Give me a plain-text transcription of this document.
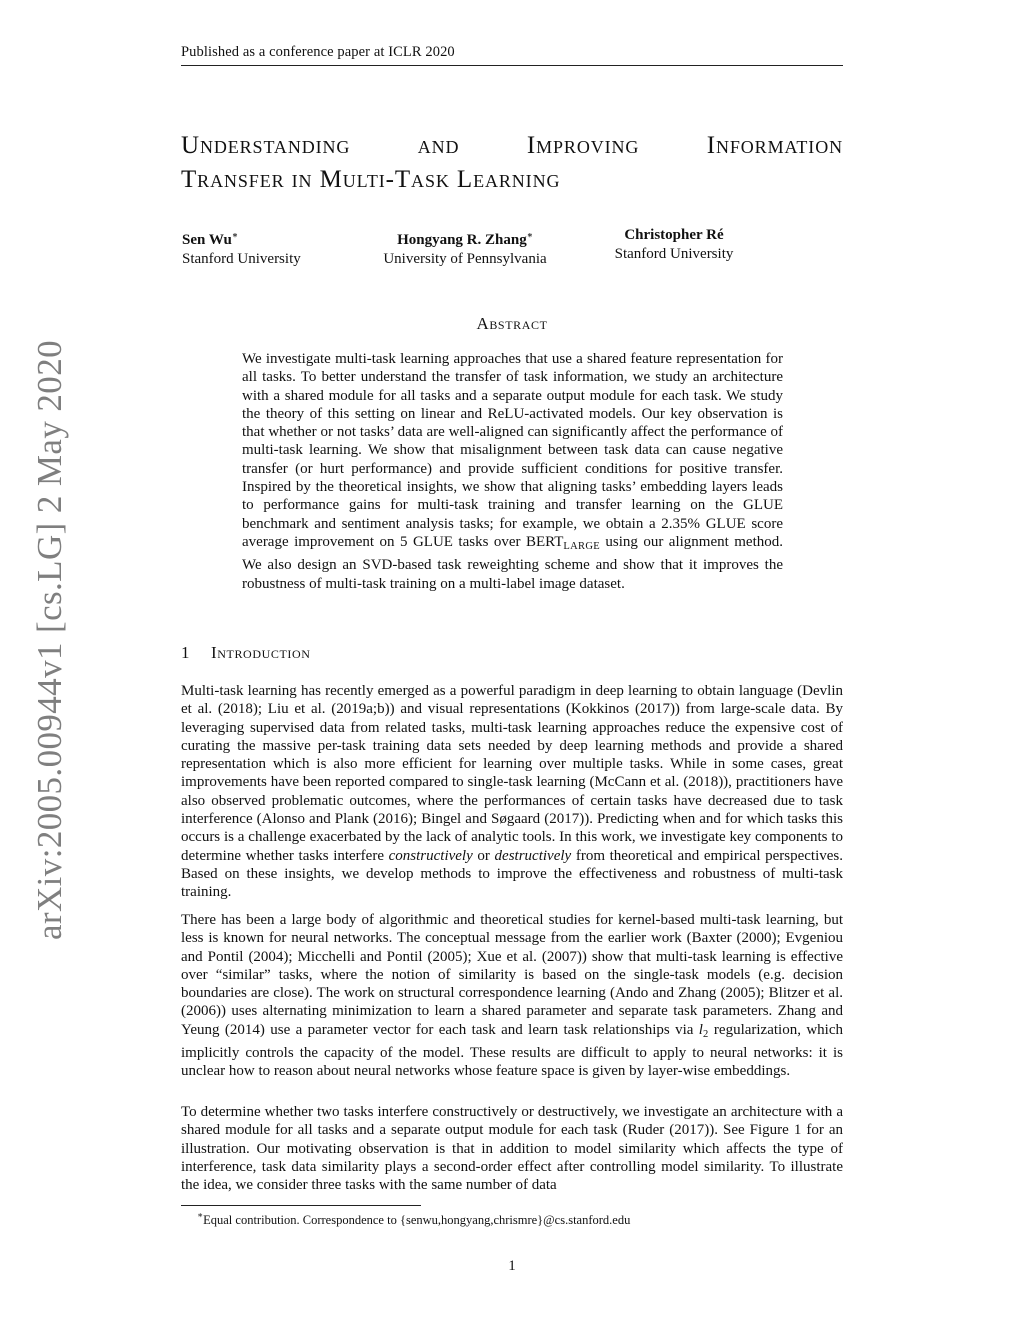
Published as a conference paper at ICLR 2020
Understanding and Improving Information
Transfer in Multi-Task Learning
Sen Wu∗
Stanford University
Hongyang R. Zhang∗
University of Pennsylvania
Christopher Ré
Stanford University
Abstract
We investigate multi-task learning approaches that use a shared feature representation for all tasks. To better understand the transfer of task information, we study an architecture with a shared module for all tasks and a separate output module for each task. We study the theory of this setting on linear and ReLU-activated models. Our key observation is that whether or not tasks’ data are well-aligned can significantly affect the performance of multi-task learning. We show that misalignment between task data can cause negative transfer (or hurt performance) and provide sufficient conditions for positive transfer. Inspired by the theoretical insights, we show that aligning tasks’ embedding layers leads to performance gains for multi-task training and transfer learning on the GLUE benchmark and sentiment analysis tasks; for example, we obtain a 2.35% GLUE score average improvement on 5 GLUE tasks over $BERT_{LARGE}$ using our alignment method. We also design an SVD-based task reweighting scheme and show that it improves the robustness of multi-task training on a multi-label image dataset.
1 Introduction
Multi-task learning has recently emerged as a powerful paradigm in deep learning to obtain language (Devlin et al. (2018); Liu et al. (2019a;b)) and visual representations (Kokkinos (2017)) from large-scale data. By leveraging supervised data from related tasks, multi-task learning approaches reduce the expensive cost of curating the massive per-task training data sets needed by deep learning methods and provide a shared representation which is also more efficient for learning over multiple tasks. While in some cases, great improvements have been reported compared to single-task learning (McCann et al. (2018)), practitioners have also observed problematic outcomes, where the performances of certain tasks have decreased due to task interference (Alonso and Plank (2016); Bingel and Søgaard (2017)). Predicting when and for which tasks this occurs is a challenge exacerbated by the lack of analytic tools. In this work, we investigate key components to determine whether tasks interfere constructively or destructively from theoretical and empirical perspectives. Based on these insights, we develop methods to improve the effectiveness and robustness of multi-task training.
There has been a large body of algorithmic and theoretical studies for kernel-based multi-task learning, but less is known for neural networks. The conceptual message from the earlier work (Baxter (2000); Evgeniou and Pontil (2004); Micchelli and Pontil (2005); Xue et al. (2007)) show that multi-task learning is effective over “similar” tasks, where the notion of similarity is based on the single-task models (e.g. decision boundaries are close). The work on structural correspondence learning (Ando and Zhang (2005); Blitzer et al. (2006)) uses alternating minimization to learn a shared parameter and separate task parameters. Zhang and Yeung (2014) use a parameter vector for each task and learn task relationships via $l_2$ regularization, which implicitly controls the capacity of the model. These results are difficult to apply to neural networks: it is unclear how to reason about neural networks whose feature space is given by layer-wise embeddings.
To determine whether two tasks interfere constructively or destructively, we investigate an architecture with a shared module for all tasks and a separate output module for each task (Ruder (2017)). See Figure 1 for an illustration. Our motivating observation is that in addition to model similarity which affects the type of interference, task data similarity plays a second-order effect after controlling model similarity. To illustrate the idea, we consider three tasks with the same number of data
∗Equal contribution. Correspondence to {senwu,hongyang,chrismre}@cs.stanford.edu
1
arXiv:2005.00944v1 [cs.LG] 2 May 2020
